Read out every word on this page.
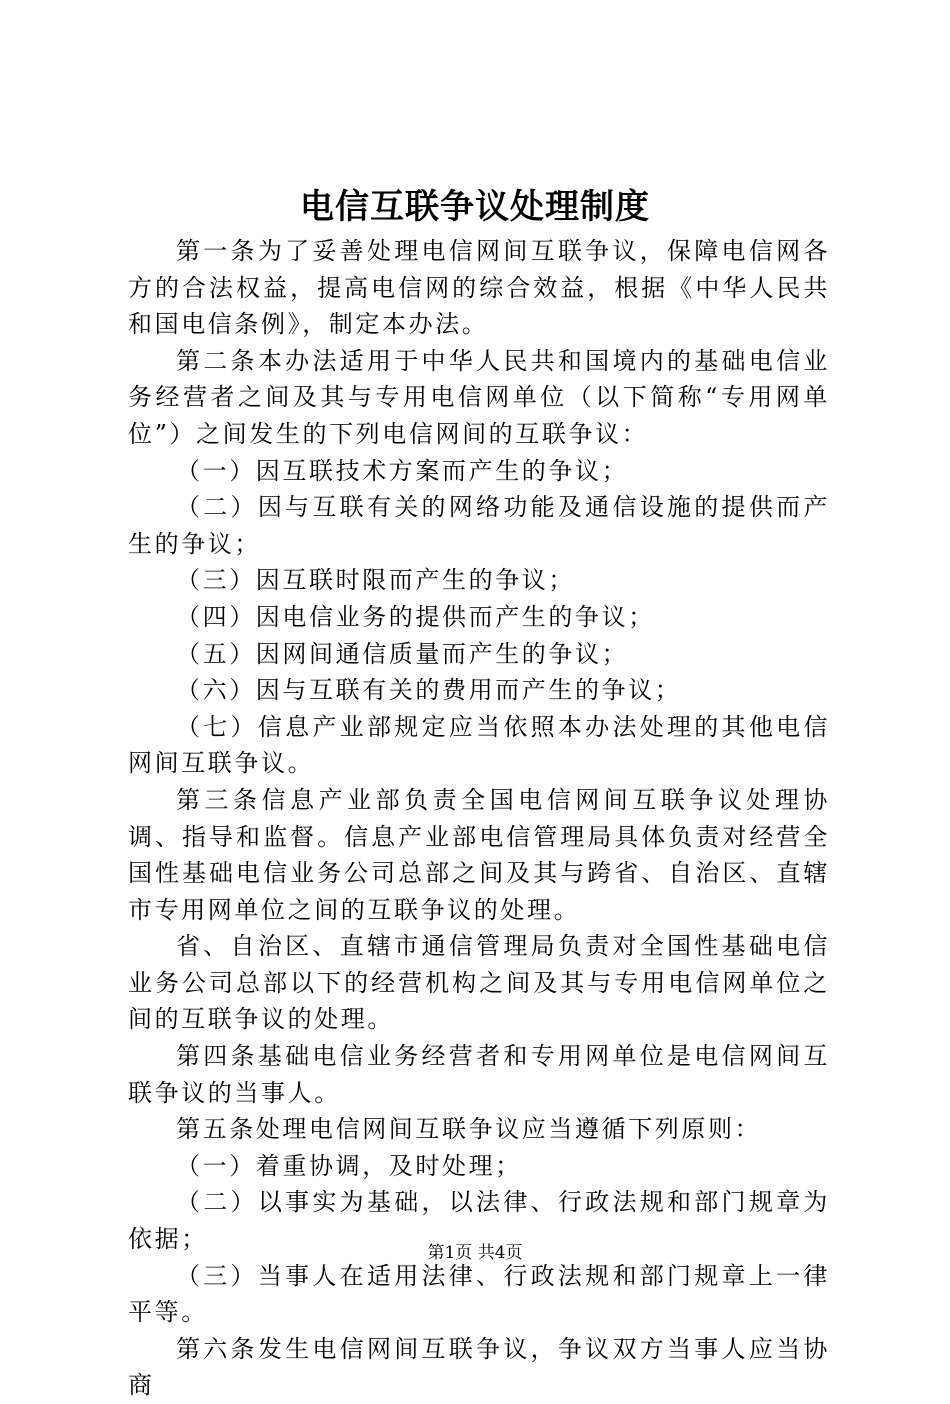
电信互联争议处理制度

第一条为了妥善处理电信网间互联争议，保障电信网各方的合法权益，提高电信网的综合效益，根据《中华人民共和国电信条例》，制定本办法。

第二条本办法适用于中华人民共和国境内的基础电信业务经营者之间及其与专用电信网单位（以下简称“专用网单位”）之间发生的下列电信网间的互联争议：

（一）因互联技术方案而产生的争议；

（二）因与互联有关的网络功能及通信设施的提供而产生的争议；

（三）因互联时限而产生的争议；

（四）因电信业务的提供而产生的争议；

（五）因网间通信质量而产生的争议；

（六）因与互联有关的费用而产生的争议；

（七）信息产业部规定应当依照本办法处理的其他电信网间互联争议。

第三条信息产业部负责全国电信网间互联争议处理协调、指导和监督。信息产业部电信管理局具体负责对经营全国性基础电信业务公司总部之间及其与跨省、自治区、直辖市专用网单位之间的互联争议的处理。

省、自治区、直辖市通信管理局负责对全国性基础电信业务公司总部以下的经营机构之间及其与专用电信网单位之间的互联争议的处理。

第四条基础电信业务经营者和专用网单位是电信网间互联争议的当事人。

第五条处理电信网间互联争议应当遵循下列原则：

（一）着重协调，及时处理；

（二）以事实为基础，以法律、行政法规和部门规章为依据；

（三）当事人在适用法律、行政法规和部门规章上一律平等。

第六条发生电信网间互联争议，争议双方当事人应当协商

第1页 共4页
